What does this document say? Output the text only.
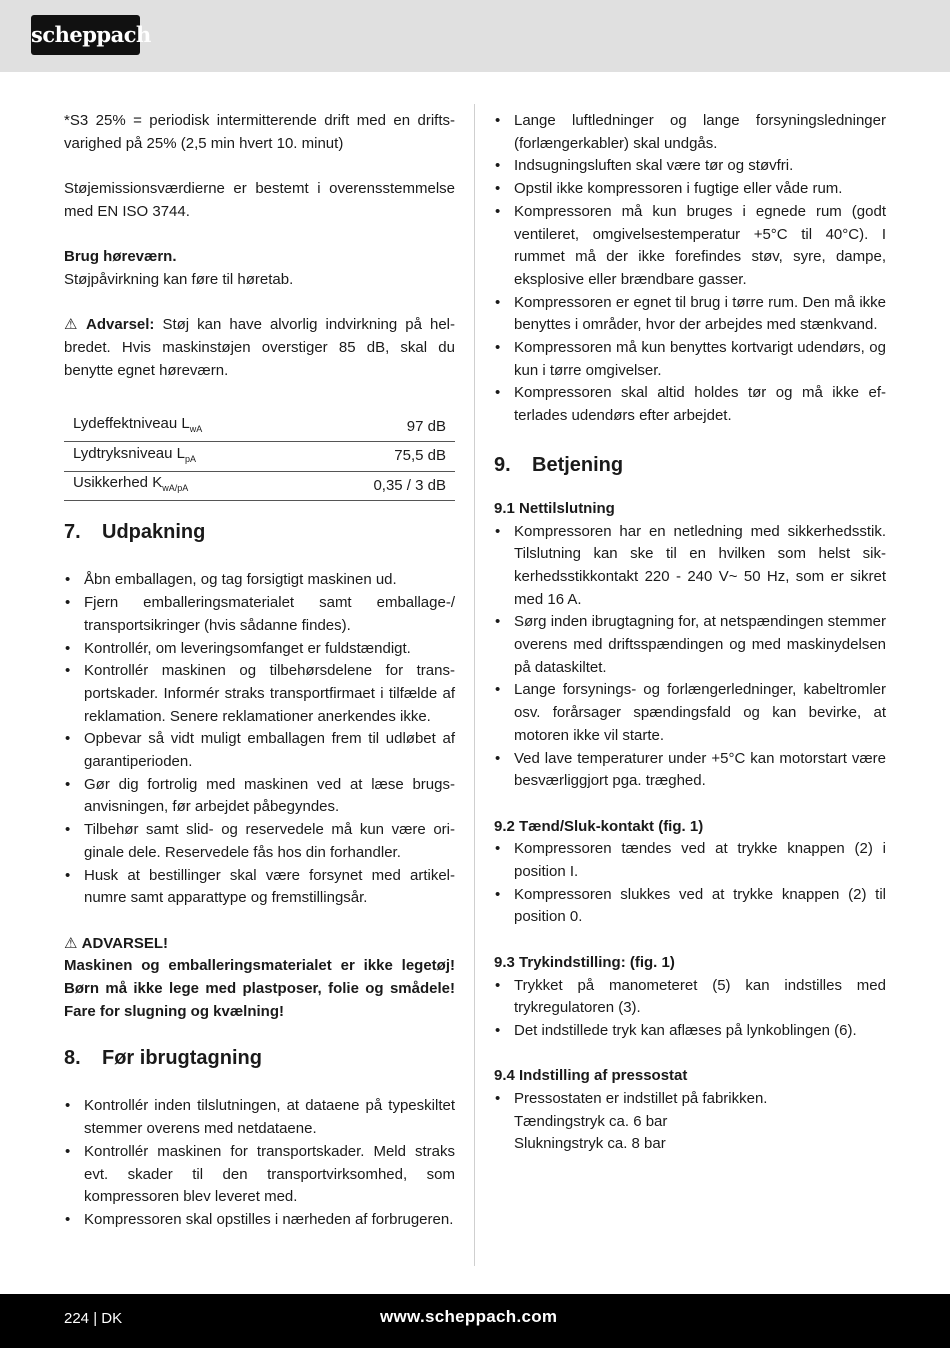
scheppach

*S3 25% = periodisk intermitterende drift med en driftsvarighed på 25% (2,5 min hvert 10. minut)

Støjemissionsværdierne er bestemt i overensstemmelse med EN ISO 3744.

Brug høreværn.

Støjpåvirkning kan føre til høretab.

⚠ Advarsel: Støj kan have alvorlig indvirkning på helbredet. Hvis maskinstøjen overstiger 85 dB, skal du benytte egnet høreværn.

Lydeffektniveau $L_{wA}$	97 dB
Lydtryksniveau $L_{pA}$	75,5 dB
Usikkerhed $K_{wA/pA}$	0,35 / 3 dB
7.	Udpakning
• Åbn emballagen, og tag forsigtigt maskinen ud.
• Fjern emballeringsmaterialet samt emballage-/ transportsikringer (hvis sådanne findes).
• Kontrollér, om leveringsomfanget er fuldstændigt.
• Kontrollér maskinen og tilbehørsdelene for transportskader. Informér straks transportfirmaet i tilfælde af reklamation. Senere reklamationer anerkendes ikke.
• Opbevar så vidt muligt emballagen frem til udløbet af garantiperioden.
• Gør dig fortrolig med maskinen ved at læse brugsanvisningen, før arbejdet påbegyndes.
• Tilbehør samt slid- og reservedele må kun være originale dele. Reservedele fås hos din forhandler.
• Husk at bestillinger skal være forsynet med artikelnumre samt apparattype og fremstillingsår.

⚠ ADVARSEL!

Maskinen og emballeringsmaterialet er ikke legetøj! Børn må ikke lege med plastposer, folie og smådele! Fare for slugning og kvælning!

8.	Før ibrugtagning
• Kontrollér inden tilslutningen, at dataene på typeskiltet stemmer overens med netdataene.
• Kontrollér maskinen for transportskader. Meld straks evt. skader til den transportvirksomhed, som kompressoren blev leveret med.
• Kompressoren skal opstilles i nærheden af forbrugeren.
• Lange luftledninger og lange forsyningsledninger (forlængerkabler) skal undgås.
• Indsugningsluften skal være tør og støvfri.
• Opstil ikke kompressoren i fugtige eller våde rum.
• Kompressoren må kun bruges i egnede rum (godt ventileret, omgivelsestemperatur +5°C til 40°C). I rummet må der ikke forefindes støv, syre, dampe, eksplosive eller brændbare gasser.
• Kompressoren er egnet til brug i tørre rum. Den må ikke benyttes i områder, hvor der arbejdes med stænkvand.
• Kompressoren må kun benyttes kortvarigt udendørs, og kun i tørre omgivelser.
• Kompressoren skal altid holdes tør og må ikke efterlades udendørs efter arbejdet.
9.	Betjening

9.1 Nettilslutning

• Kompressoren har en netledning med sikkerhedsstik. Tilslutning kan ske til en hvilken som helst sikkerhedsstikkontakt 220 - 240 V~ 50 Hz, som er sikret med 16 A.
• Sørg inden ibrugtagning for, at netspændingen stemmer overens med driftsspændingen og med maskinydelsen på dataskiltet.
• Lange forsynings- og forlængerledninger, kabeltromler osv. forårsager spændingsfald og kan bevirke, at motoren ikke vil starte.
• Ved lave temperaturer under +5°C kan motorstart være besværliggjort pga. træghed.

9.2 Tænd/Sluk-kontakt (fig. 1)

• Kompressoren tændes ved at trykke knappen (2) i position I.
• Kompressoren slukkes ved at trykke knappen (2) til position 0.

9.3 Trykindstilling: (fig. 1)

• Trykket på manometeret (5) kan indstilles med trykregulatoren (3).
• Det indstillede tryk kan aflæses på lynkoblingen (6).

9.4 Indstilling af pressostat

• Pressostaten er indstillet på fabrikken.
Tændingstryk ca. 6 bar
Slukningstryk ca. 8 bar
224 | DK	www.scheppach.com
